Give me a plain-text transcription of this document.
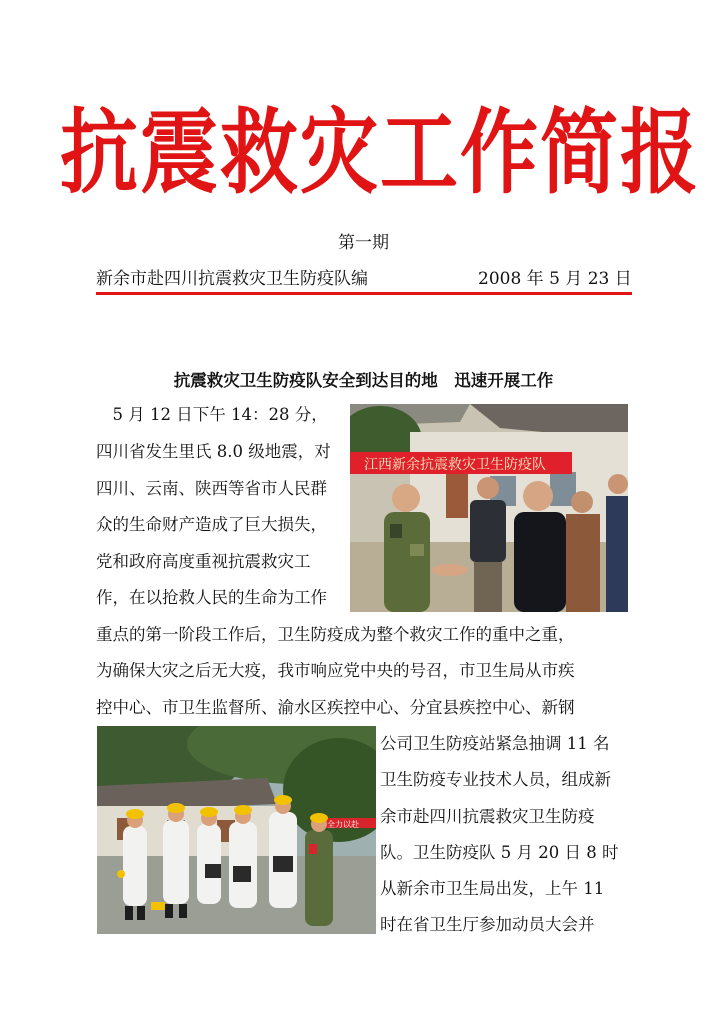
抗震救灾工作简报
第一期
新余市赴四川抗震救灾卫生防疫队编	2008 年 5 月 23 日
抗震救灾卫生防疫队安全到达目的地　迅速开展工作
　5 月 12 日下午 14：28 分，
四川省发生里氏 8.0 级地震，对
四川、云南、陕西等省市人民群
众的生命财产造成了巨大损失，
党和政府高度重视抗震救灾工
作，在以抢救人民的生命为工作
重点的第一阶段工作后，卫生防疫成为整个救灾工作的重中之重，
为确保大灾之后无大疫，我市响应党中央的号召，市卫生局从市疾
控中心、市卫生监督所、渝水区疾控中心、分宜县疾控中心、新钢
公司卫生防疫站紧急抽调 11 名
卫生防疫专业技术人员，组成新
余市赴四川抗震救灾卫生防疫
队。卫生防疫队 5 月 20 日 8 时
从新余市卫生局出发，上午 11
时在省卫生厅参加动员大会并
江西新余抗震救灾卫生防疫队
全力以赴
